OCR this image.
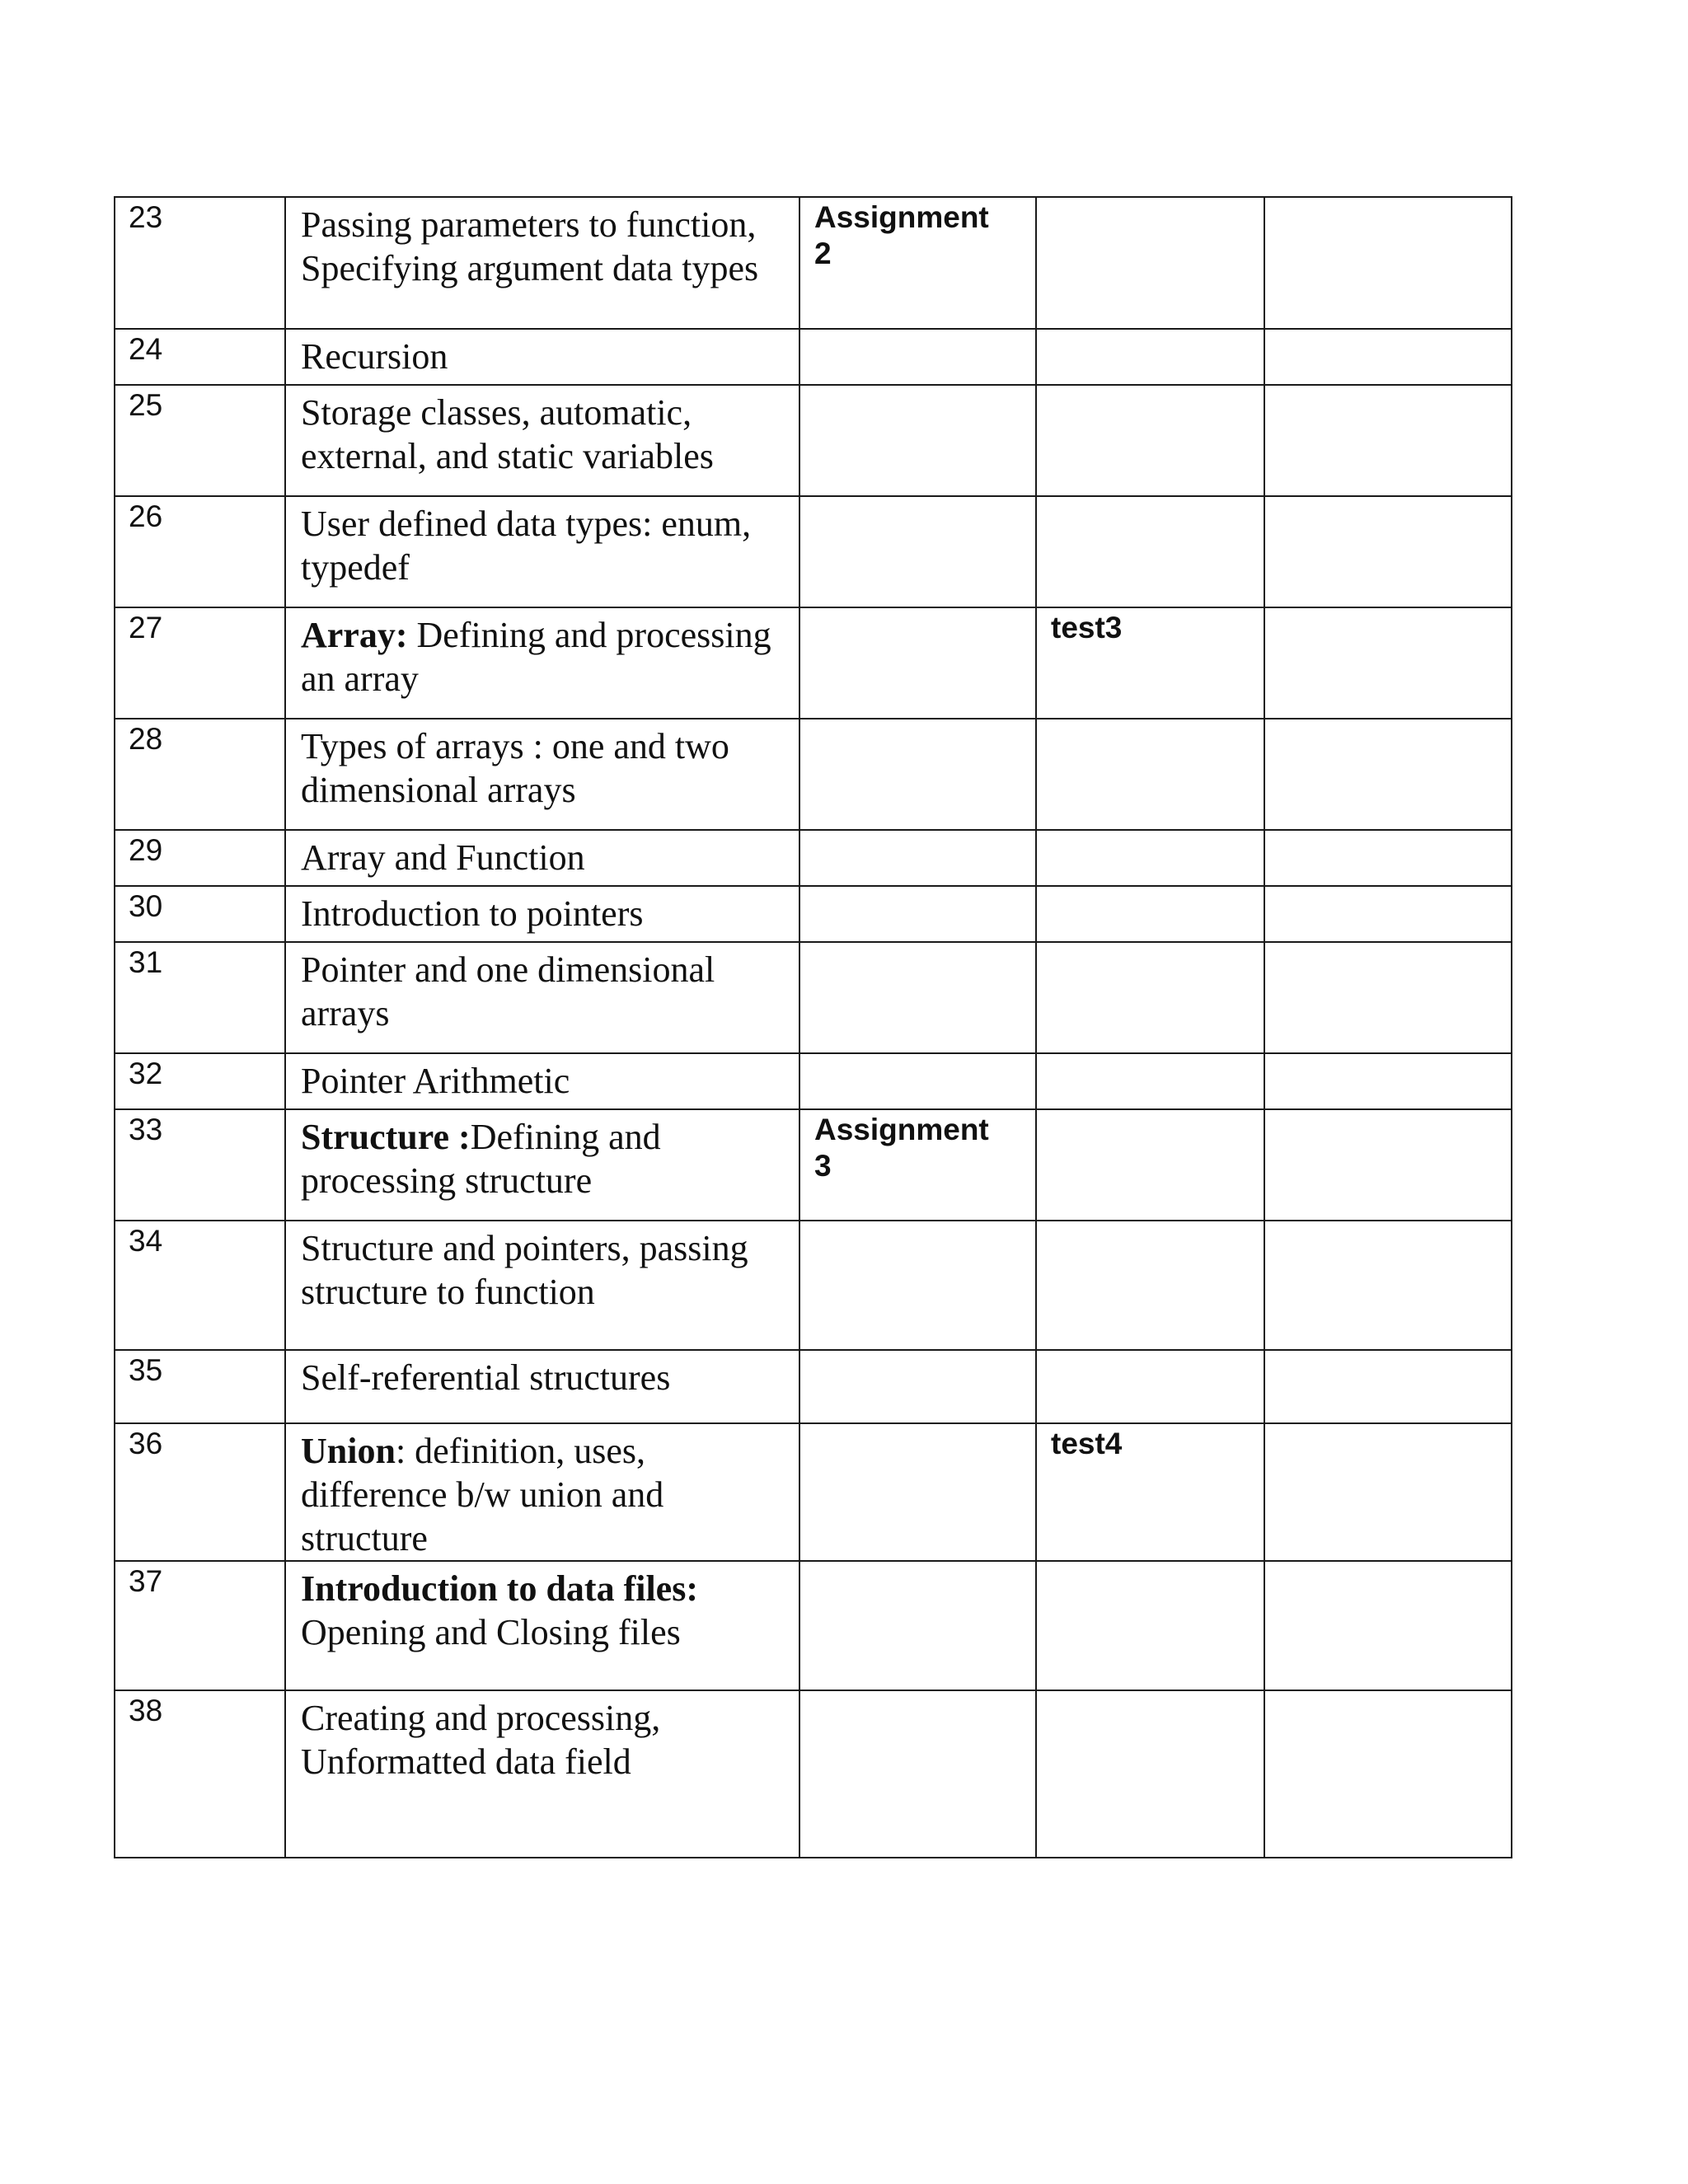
23	Passing parameters to function,
Specifying argument data types	Assignment
2		
24	Recursion			
25	Storage classes, automatic,
external, and static variables			
26	User defined data types: enum,
typedef			
27	Array: Defining and processing an array		test3	
28	Types of arrays : one and two
dimensional arrays			
29	Array and Function			
30	Introduction to pointers			
31	Pointer and one dimensional
arrays			
32	Pointer Arithmetic			
33	Structure :Defining and processing structure	Assignment
3		
34	Structure and pointers, passing
structure to function			
35	Self-referential structures			
36	Union: definition, uses, difference b/w union and structure		test4	
37	Introduction to data files:
Opening and Closing files			
38	Creating and processing,
Unformatted data field			
